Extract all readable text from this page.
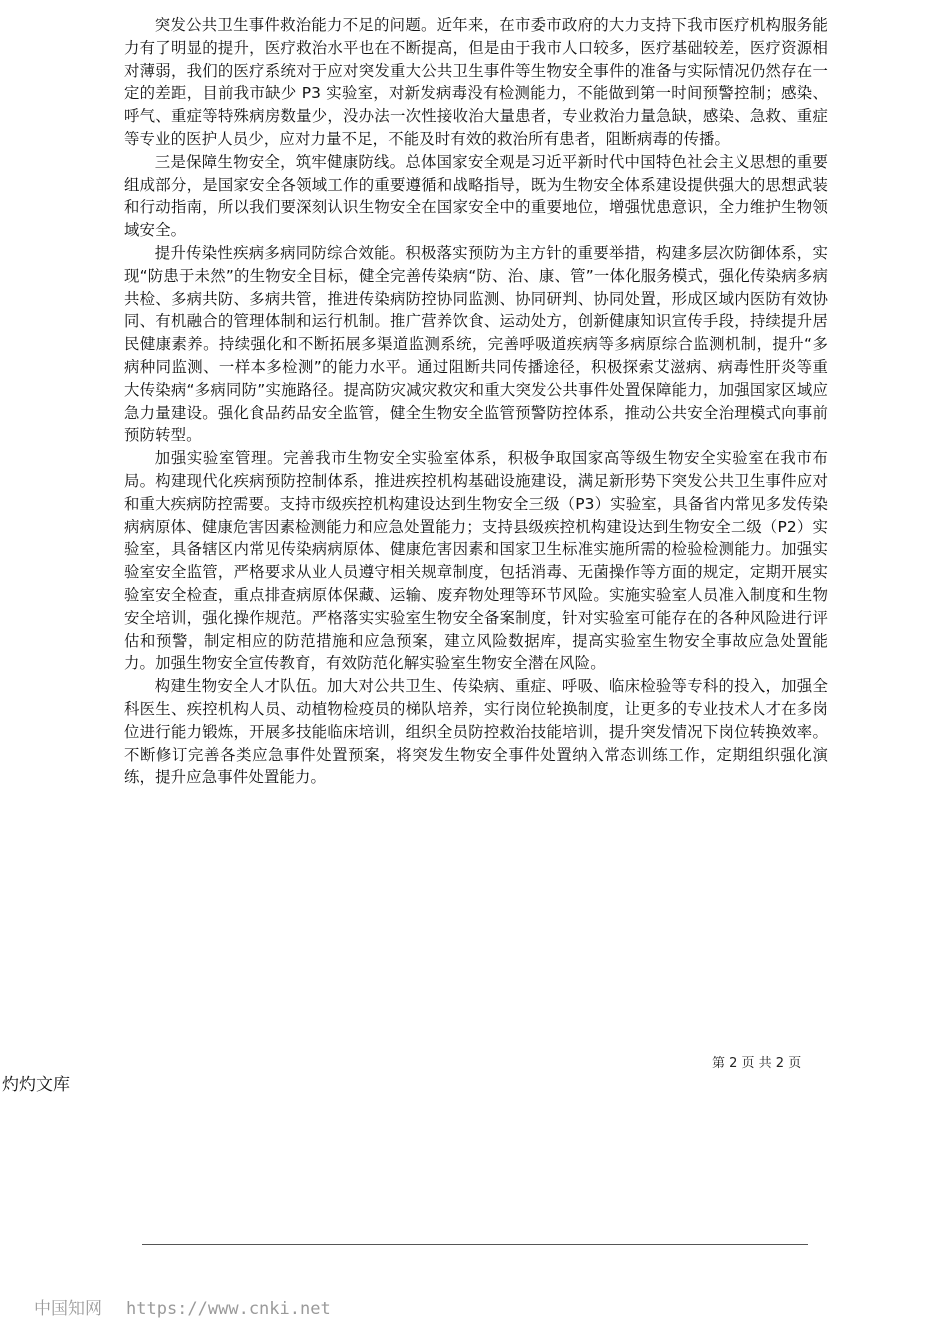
突发公共卫生事件救治能力不足的问题。近年来，在市委市政府的大力支持下我市医疗机构服务能力有了明显的提升，医疗救治水平也在不断提高，但是由于我市人口较多，医疗基础较差，医疗资源相对薄弱，我们的医疗系统对于应对突发重大公共卫生事件等生物安全事件的准备与实际情况仍然存在一定的差距，目前我市缺少 P3 实验室，对新发病毒没有检测能力，不能做到第一时间预警控制；感染、呼气、重症等特殊病房数量少，没办法一次性接收治大量患者，专业救治力量急缺，感染、急救、重症等专业的医护人员少，应对力量不足，不能及时有效的救治所有患者，阻断病毒的传播。

三是保障生物安全，筑牢健康防线。总体国家安全观是习近平新时代中国特色社会主义思想的重要组成部分，是国家安全各领域工作的重要遵循和战略指导，既为生物安全体系建设提供强大的思想武装和行动指南，所以我们要深刻认识生物安全在国家安全中的重要地位，增强忧患意识，全力维护生物领域安全。

提升传染性疾病多病同防综合效能。积极落实预防为主方针的重要举措，构建多层次防御体系，实现“防患于未然”的生物安全目标，健全完善传染病“防、治、康、管”一体化服务模式，强化传染病多病共检、多病共防、多病共管，推进传染病防控协同监测、协同研判、协同处置，形成区域内医防有效协同、有机融合的管理体制和运行机制。推广营养饮食、运动处方，创新健康知识宣传手段，持续提升居民健康素养。持续强化和不断拓展多渠道监测系统，完善呼吸道疾病等多病原综合监测机制，提升“多病种同监测、一样本多检测”的能力水平。通过阻断共同传播途径，积极探索艾滋病、病毒性肝炎等重大传染病“多病同防”实施路径。提高防灾减灾救灾和重大突发公共事件处置保障能力，加强国家区域应急力量建设。强化食品药品安全监管，健全生物安全监管预警防控体系，推动公共安全治理模式向事前预防转型。

加强实验室管理。完善我市生物安全实验室体系，积极争取国家高等级生物安全实验室在我市布局。构建现代化疾病预防控制体系，推进疾控机构基础设施建设，满足新形势下突发公共卫生事件应对和重大疾病防控需要。支持市级疾控机构建设达到生物安全三级（P3）实验室，具备省内常见多发传染病病原体、健康危害因素检测能力和应急处置能力；支持县级疾控机构建设达到生物安全二级（P2）实验室，具备辖区内常见传染病病原体、健康危害因素和国家卫生标准实施所需的检验检测能力。加强实验室安全监管，严格要求从业人员遵守相关规章制度，包括消毒、无菌操作等方面的规定，定期开展实验室安全检查，重点排查病原体保藏、运输、废弃物处理等环节风险。实施实验室人员准入制度和生物安全培训，强化操作规范。严格落实实验室生物安全备案制度，针对实验室可能存在的各种风险进行评估和预警，制定相应的防范措施和应急预案，建立风险数据库，提高实验室生物安全事故应急处置能力。加强生物安全宣传教育，有效防范化解实验室生物安全潜在风险。

构建生物安全人才队伍。加大对公共卫生、传染病、重症、呼吸、临床检验等专科的投入，加强全科医生、疾控机构人员、动植物检疫员的梯队培养，实行岗位轮换制度，让更多的专业技术人才在多岗位进行能力锻炼，开展多技能临床培训，组织全员防控救治技能培训，提升突发情况下岗位转换效率。不断修订完善各类应急事件处置预案，将突发生物安全事件处置纳入常态训练工作，定期组织强化演练，提升应急事件处置能力。

第 2 页 共 2 页
灼灼文库
中国知网 https://www.cnki.net
